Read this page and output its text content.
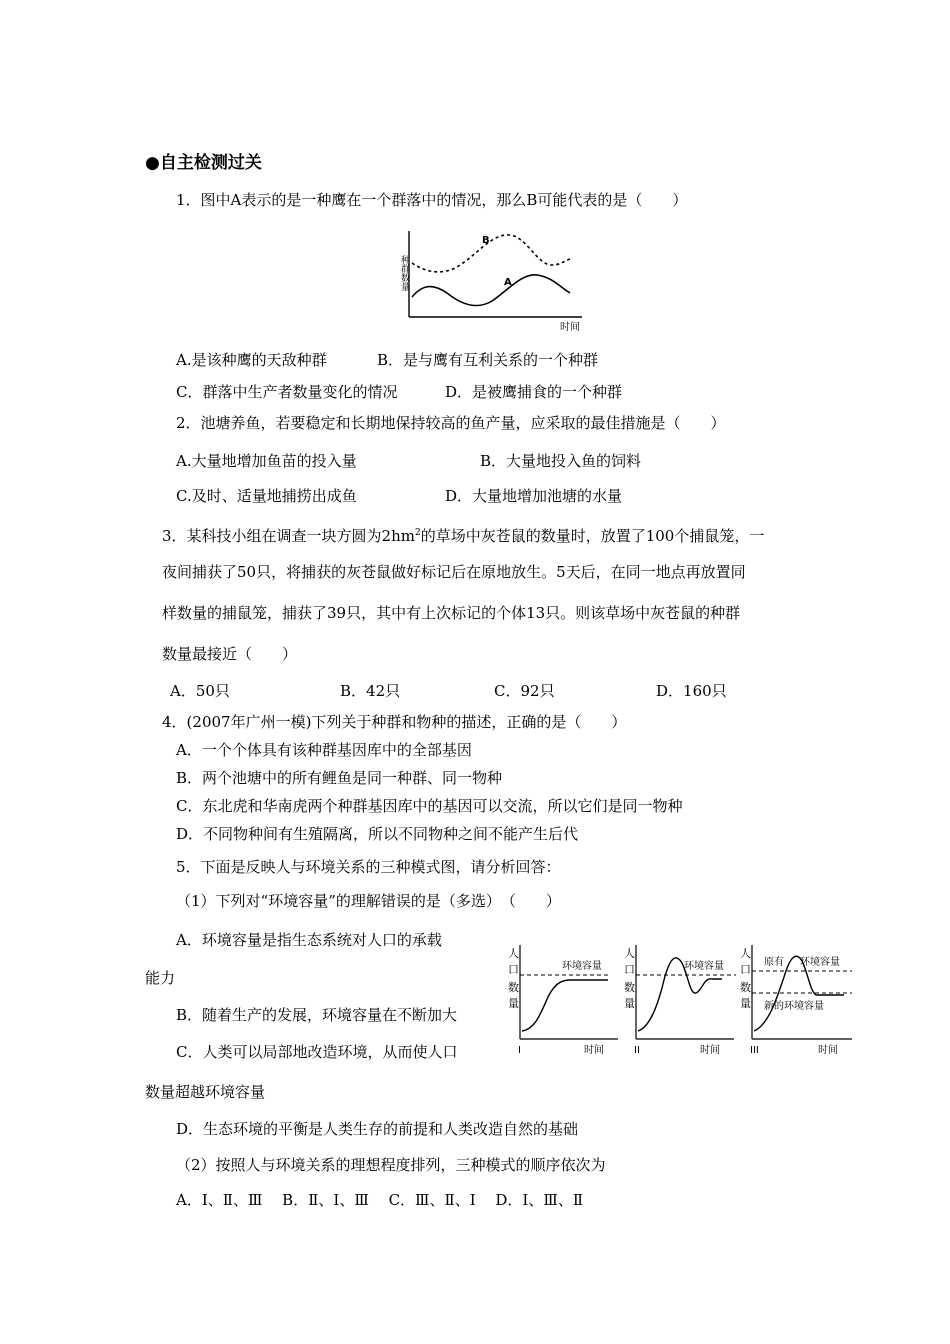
●自主检测过关
1．图中A表示的是一种鹰在一个群落中的情况，那么B可能代表的是（　　）
种群数量
时间
B
A
A.是该种鹰的天敌种群	B．是与鹰有互利关系的一个种群
C．群落中生产者数量变化的情况	D．是被鹰捕食的一个种群
2．池塘养鱼，若要稳定和长期地保持较高的鱼产量，应采取的最佳措施是（　　）
A.大量地增加鱼苗的投入量	B．大量地投入鱼的饲料
C.及时、适量地捕捞出成鱼	D．大量地增加池塘的水量
3．某科技小组在调查一块方圆为$2hm^2$的草场中灰苍鼠的数量时，放置了100个捕鼠笼，一
夜间捕获了50只，将捕获的灰苍鼠做好标记后在原地放生。5天后，在同一地点再放置同
样数量的捕鼠笼，捕获了39只，其中有上次标记的个体13只。则该草场中灰苍鼠的种群
数量最接近（　　）
A．50只	B．42只	C．92只	D．160只
4．(2007年广州一模)下列关于种群和物种的描述，正确的是（　　）
A．一个个体具有该种群基因库中的全部基因
B．两个池塘中的所有鲤鱼是同一种群、同一物种
C．东北虎和华南虎两个种群基因库中的基因可以交流，所以它们是同一物种
D．不同物种间有生殖隔离，所以不同物种之间不能产生后代
5．下面是反映人与环境关系的三种模式图，请分析回答：
（1）下列对“环境容量”的理解错误的是（多选）　（　　）
A．环境容量是指生态系统对人口的承载
能力
B．随着生产的发展，环境容量在不断加大
C．人类可以局部地改造环境，从而使人口
数量超越环境容量
D．生态环境的平衡是人类生存的前提和人类改造自然的基础
（2）按照人与环境关系的理想程度排列，三种模式的顺序依次为
A．Ⅰ、Ⅱ、Ⅲ　 B．Ⅱ、Ⅰ、Ⅲ　 C．Ⅲ、Ⅱ、Ⅰ　 D．Ⅰ、Ⅲ、Ⅱ
人
口
数
量
环境容量
I	时间
人
口
数
量
环境容量
II	时间
人
口
数
量
原有 环境容量
新的环境容量
III	时间
